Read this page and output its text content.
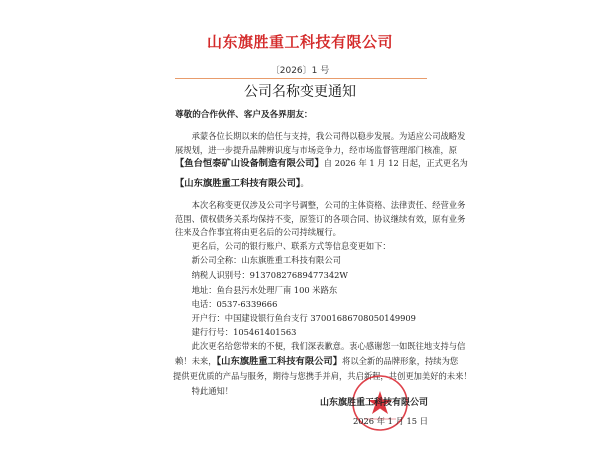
山东旗胜重工科技有限公司
〔2026〕1 号
公司名称变更通知
尊敬的合作伙伴、客户及各界朋友：
　　承蒙各位长期以来的信任与支持，我公司得以稳步发展。为适应公司战略发
展规划，进一步提升品牌辨识度与市场竞争力，经市场监督管理部门核准，原
【鱼台恒泰矿山设备制造有限公司】自 2026 年 1 月 12 日起，正式更名为
【山东旗胜重工科技有限公司】。
　　本次名称变更仅涉及公司字号调整，公司的主体资格、法律责任、经营业务
范围、债权债务关系均保持不变，原签订的各项合同、协议继续有效，原有业务
往来及合作事宜将由更名后的公司持续履行。
　　更名后，公司的银行账户、联系方式等信息变更如下：
　　新公司全称：山东旗胜重工科技有限公司
　　纳税人识别号：91370827689477342W
　　地址：鱼台县污水处理厂南 100 米路东
　　电话：0537-6339666
　　开户行：中国建设银行鱼台支行 37001686708050149909
　　建行行号：105461401563
　　此次更名给您带来的不便，我们深表歉意。衷心感谢您一如既往地支持与信
赖！未来，【山东旗胜重工科技有限公司】将以全新的品牌形象，持续为您
提供更优质的产品与服务，期待与您携手并肩，共启新程，共创更加美好的未来！
　　特此通知！
山东旗胜重工科技有限公司
2026 年 1 月 15 日
